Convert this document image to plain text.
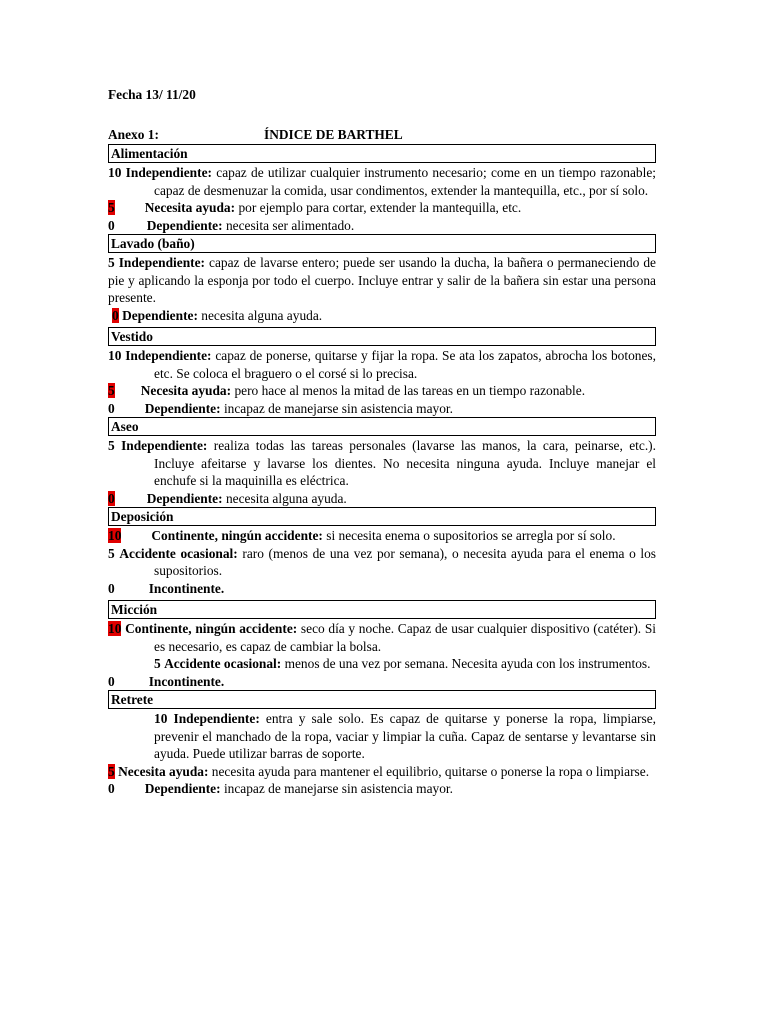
Fecha 13/ 11/20
Anexo 1:	ÍNDICE DE BARTHEL
Alimentación
10 Independiente: capaz de utilizar cualquier instrumento necesario; come en un tiempo razonable; capaz de desmenuzar la comida, usar condimentos, extender la mantequilla, etc., por sí solo.
5 Necesita ayuda: por ejemplo para cortar, extender la mantequilla, etc.
0 Dependiente: necesita ser alimentado.
Lavado (baño)
5 Independiente: capaz de lavarse entero; puede ser usando la ducha, la bañera o permaneciendo de pie y aplicando la esponja por todo el cuerpo. Incluye entrar y salir de la bañera sin estar una persona presente.
0 Dependiente: necesita alguna ayuda.
Vestido
10 Independiente: capaz de ponerse, quitarse y fijar la ropa. Se ata los zapatos, abrocha los botones, etc. Se coloca el braguero o el corsé si lo precisa.
5 Necesita ayuda: pero hace al menos la mitad de las tareas en un tiempo razonable.
0 Dependiente: incapaz de manejarse sin asistencia mayor.
Aseo
5 Independiente: realiza todas las tareas personales (lavarse las manos, la cara, peinarse, etc.). Incluye afeitarse y lavarse los dientes. No necesita ninguna ayuda. Incluye manejar el enchufe si la maquinilla es eléctrica.
0 Dependiente: necesita alguna ayuda.
Deposición
10 Continente, ningún accidente: si necesita enema o supositorios se arregla por sí solo.
5 Accidente ocasional: raro (menos de una vez por semana), o necesita ayuda para el enema o los supositorios.
0	Incontinente.
Micción
10 Continente, ningún accidente: seco día y noche. Capaz de usar cualquier dispositivo (catéter). Si es necesario, es capaz de cambiar la bolsa.
5 Accidente ocasional: menos de una vez por semana. Necesita ayuda con los instrumentos.
0	Incontinente.
Retrete
10 Independiente: entra y sale solo. Es capaz de quitarse y ponerse la ropa, limpiarse, prevenir el manchado de la ropa, vaciar y limpiar la cuña. Capaz de sentarse y levantarse sin ayuda. Puede utilizar barras de soporte.
5 Necesita ayuda: necesita ayuda para mantener el equilibrio, quitarse o ponerse la ropa o limpiarse.
0 Dependiente: incapaz de manejarse sin asistencia mayor.
